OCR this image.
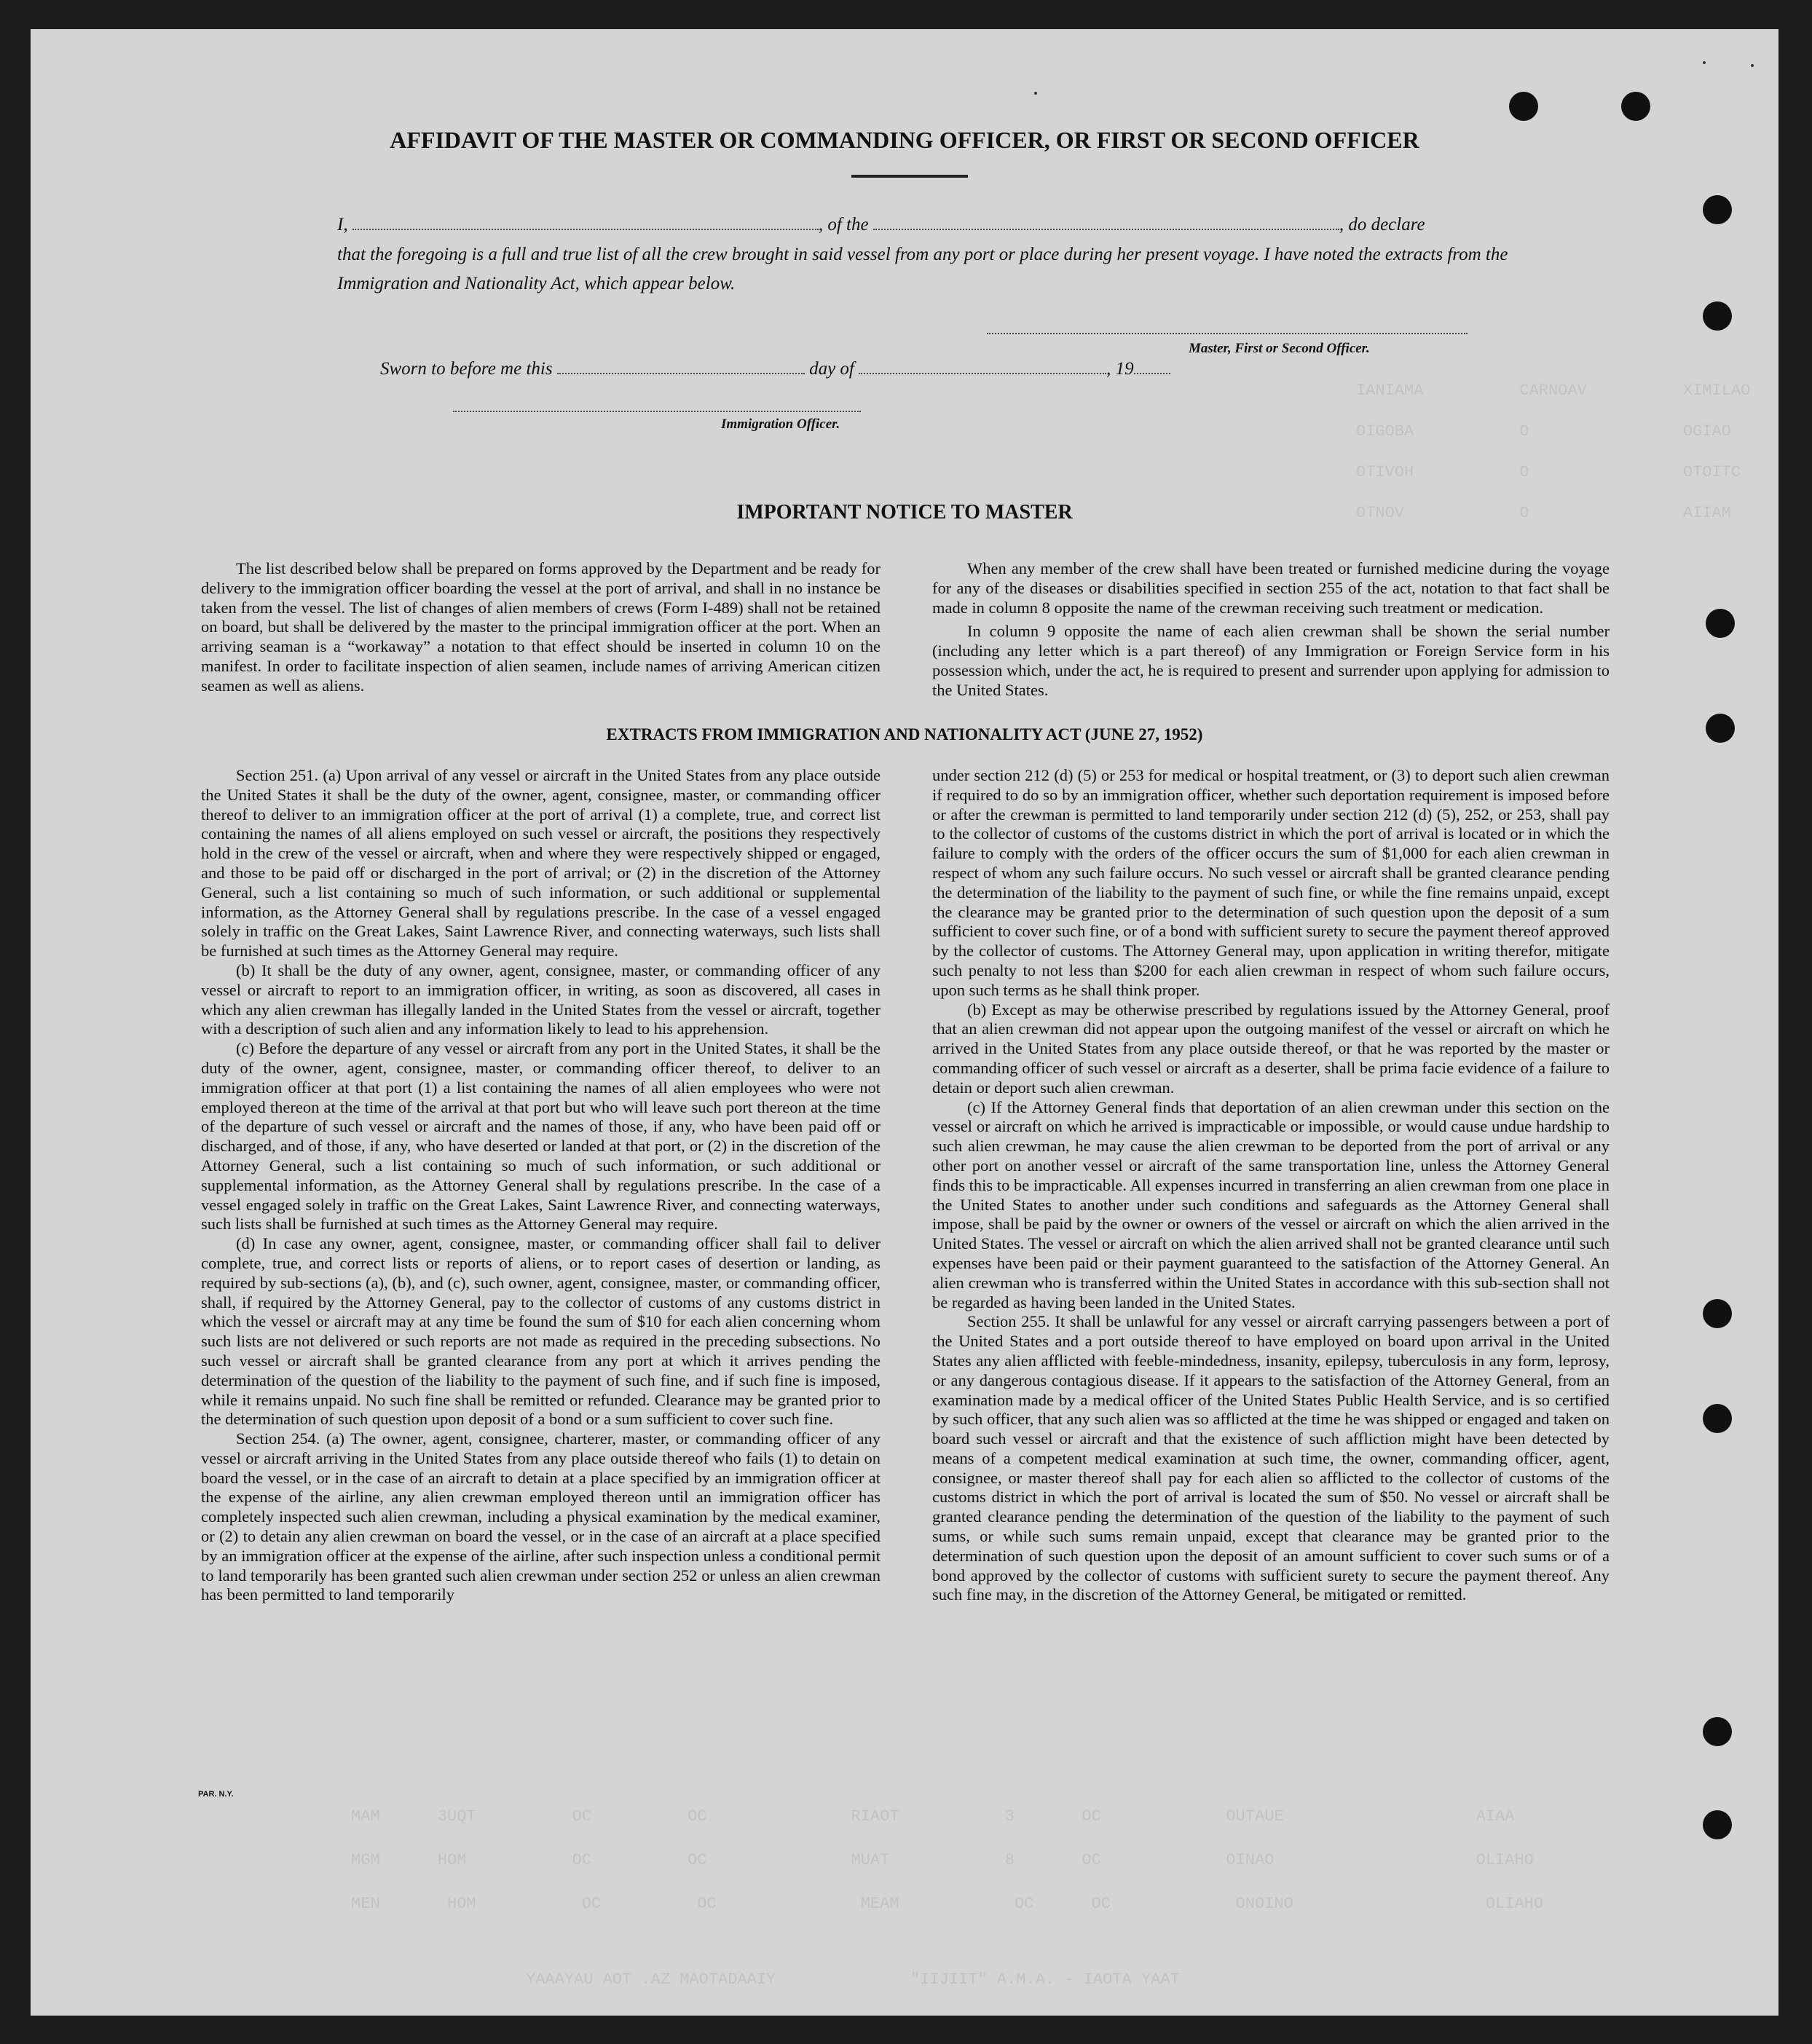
IANIAMA          CARNOAV          XIMILAO
OIGOBA           O                OGIAO
OTIVOH           O                OTOITC
OTNOV            O                AIIAM
MAM      3UQT          OC          OC               RIAOT           3       OC             OUTAUE                    AIAA
MGM      HOM           OC          OC               MUAT            8       OC             OINAO                     OLIAHO
MEN       HOM           OC          OC               MEAM            OC      OC             ONOINO                    OLIAHO
YAAAYAU AOT .AZ MAOTADAAIY              "IIJIIT" A.M.A. - IAOTA YAAT
AFFIDAVIT OF THE MASTER OR COMMANDING OFFICER, OR FIRST OR SECOND OFFICER
I,	, of the	, do declare
that the foregoing is a full and true list of all the crew brought in said vessel from any port or place during her present voyage. I have noted the extracts from the Immigration and Nationality Act, which appear below.
Master, First or Second Officer.
Sworn to before me this	day of	, 19
Immigration Officer.
IMPORTANT NOTICE TO MASTER

The list described below shall be prepared on forms approved by the Department and be ready for delivery to the immigration officer boarding the vessel at the port of arrival, and shall in no instance be taken from the vessel. The list of changes of alien members of crews (Form I-489) shall not be retained on board, but shall be delivered by the master to the principal immigration officer at the port. When an arriving seaman is a “workaway” a notation to that effect should be inserted in column 10 on the manifest. In order to facilitate inspection of alien seamen, include names of arriving American citizen seamen as well as aliens.

When any member of the crew shall have been treated or furnished medicine during the voyage for any of the diseases or disabilities specified in section 255 of the act, notation to that fact shall be made in column 8 opposite the name of the crewman receiving such treatment or medication.

In column 9 opposite the name of each alien crewman shall be shown the serial number (including any letter which is a part thereof) of any Immigration or Foreign Service form in his possession which, under the act, he is required to present and surrender upon applying for admission to the United States.

EXTRACTS FROM IMMIGRATION AND NATIONALITY ACT (JUNE 27, 1952)

Section 251. (a) Upon arrival of any vessel or aircraft in the United States from any place outside the United States it shall be the duty of the owner, agent, consignee, master, or commanding officer thereof to deliver to an immigration officer at the port of arrival (1) a complete, true, and correct list containing the names of all aliens employed on such vessel or aircraft, the positions they respectively hold in the crew of the vessel or aircraft, when and where they were respectively shipped or engaged, and those to be paid off or discharged in the port of arrival; or (2) in the discretion of the Attorney General, such a list containing so much of such information, or such additional or supplemental information, as the Attorney General shall by regulations prescribe. In the case of a vessel engaged solely in traffic on the Great Lakes, Saint Lawrence River, and connecting waterways, such lists shall be furnished at such times as the Attorney General may require.

(b) It shall be the duty of any owner, agent, consignee, master, or commanding officer of any vessel or aircraft to report to an immigration officer, in writing, as soon as discovered, all cases in which any alien crewman has illegally landed in the United States from the vessel or aircraft, together with a description of such alien and any information likely to lead to his apprehension.

(c) Before the departure of any vessel or aircraft from any port in the United States, it shall be the duty of the owner, agent, consignee, master, or commanding officer thereof, to deliver to an immigration officer at that port (1) a list containing the names of all alien employees who were not employed thereon at the time of the arrival at that port but who will leave such port thereon at the time of the departure of such vessel or aircraft and the names of those, if any, who have been paid off or discharged, and of those, if any, who have deserted or landed at that port, or (2) in the discretion of the Attorney General, such a list containing so much of such information, or such additional or supplemental information, as the Attorney General shall by regulations prescribe. In the case of a vessel engaged solely in traffic on the Great Lakes, Saint Lawrence River, and connecting waterways, such lists shall be furnished at such times as the Attorney General may require.

(d) In case any owner, agent, consignee, master, or commanding officer shall fail to deliver complete, true, and correct lists or reports of aliens, or to report cases of desertion or landing, as required by sub-sections (a), (b), and (c), such owner, agent, consignee, master, or commanding officer, shall, if required by the Attorney General, pay to the collector of customs of any customs district in which the vessel or aircraft may at any time be found the sum of $10 for each alien concerning whom such lists are not delivered or such reports are not made as required in the preceding subsections. No such vessel or aircraft shall be granted clearance from any port at which it arrives pending the determination of the question of the liability to the payment of such fine, and if such fine is imposed, while it remains unpaid. No such fine shall be remitted or refunded. Clearance may be granted prior to the determination of such question upon deposit of a bond or a sum sufficient to cover such fine.

Section 254. (a) The owner, agent, consignee, charterer, master, or commanding officer of any vessel or aircraft arriving in the United States from any place outside thereof who fails (1) to detain on board the vessel, or in the case of an aircraft to detain at a place specified by an immigration officer at the expense of the airline, any alien crewman employed thereon until an immigration officer has completely inspected such alien crewman, including a physical examination by the medical examiner, or (2) to detain any alien crewman on board the vessel, or in the case of an aircraft at a place specified by an immigration officer at the expense of the airline, after such inspection unless a conditional permit to land temporarily has been granted such alien crewman under section 252 or unless an alien crewman has been permitted to land temporarily

under section 212 (d) (5) or 253 for medical or hospital treatment, or (3) to deport such alien crewman if required to do so by an immigration officer, whether such deportation requirement is imposed before or after the crewman is permitted to land temporarily under section 212 (d) (5), 252, or 253, shall pay to the collector of customs of the customs district in which the port of arrival is located or in which the failure to comply with the orders of the officer occurs the sum of $1,000 for each alien crewman in respect of whom any such failure occurs. No such vessel or aircraft shall be granted clearance pending the determination of the liability to the payment of such fine, or while the fine remains unpaid, except the clearance may be granted prior to the determination of such question upon the deposit of a sum sufficient to cover such fine, or of a bond with sufficient surety to secure the payment thereof approved by the collector of customs. The Attorney General may, upon application in writing therefor, mitigate such penalty to not less than $200 for each alien crewman in respect of whom such failure occurs, upon such terms as he shall think proper.

(b) Except as may be otherwise prescribed by regulations issued by the Attorney General, proof that an alien crewman did not appear upon the outgoing manifest of the vessel or aircraft on which he arrived in the United States from any place outside thereof, or that he was reported by the master or commanding officer of such vessel or aircraft as a deserter, shall be prima facie evidence of a failure to detain or deport such alien crewman.

(c) If the Attorney General finds that deportation of an alien crewman under this section on the vessel or aircraft on which he arrived is impracticable or impossible, or would cause undue hardship to such alien crewman, he may cause the alien crewman to be deported from the port of arrival or any other port on another vessel or aircraft of the same transportation line, unless the Attorney General finds this to be impracticable. All expenses incurred in transferring an alien crewman from one place in the United States to another under such conditions and safeguards as the Attorney General shall impose, shall be paid by the owner or owners of the vessel or aircraft on which the alien arrived in the United States. The vessel or aircraft on which the alien arrived shall not be granted clearance until such expenses have been paid or their payment guaranteed to the satisfaction of the Attorney General. An alien crewman who is transferred within the United States in accordance with this sub-section shall not be regarded as having been landed in the United States.

Section 255. It shall be unlawful for any vessel or aircraft carrying passengers between a port of the United States and a port outside thereof to have employed on board upon arrival in the United States any alien afflicted with feeble-mindedness, insanity, epilepsy, tuberculosis in any form, leprosy, or any dangerous contagious disease. If it appears to the satisfaction of the Attorney General, from an examination made by a medical officer of the United States Public Health Service, and is so certified by such officer, that any such alien was so afflicted at the time he was shipped or engaged and taken on board such vessel or aircraft and that the existence of such affliction might have been detected by means of a competent medical examination at such time, the owner, commanding officer, agent, consignee, or master thereof shall pay for each alien so afflicted to the collector of customs of the customs district in which the port of arrival is located the sum of $50. No vessel or aircraft shall be granted clearance pending the determination of the question of the liability to the payment of such sums, or while such sums remain unpaid, except that clearance may be granted prior to the determination of such question upon the deposit of an amount sufficient to cover such sums or of a bond approved by the collector of customs with sufficient surety to secure the payment thereof. Any such fine may, in the discretion of the Attorney General, be mitigated or remitted.

PAR. N.Y.
